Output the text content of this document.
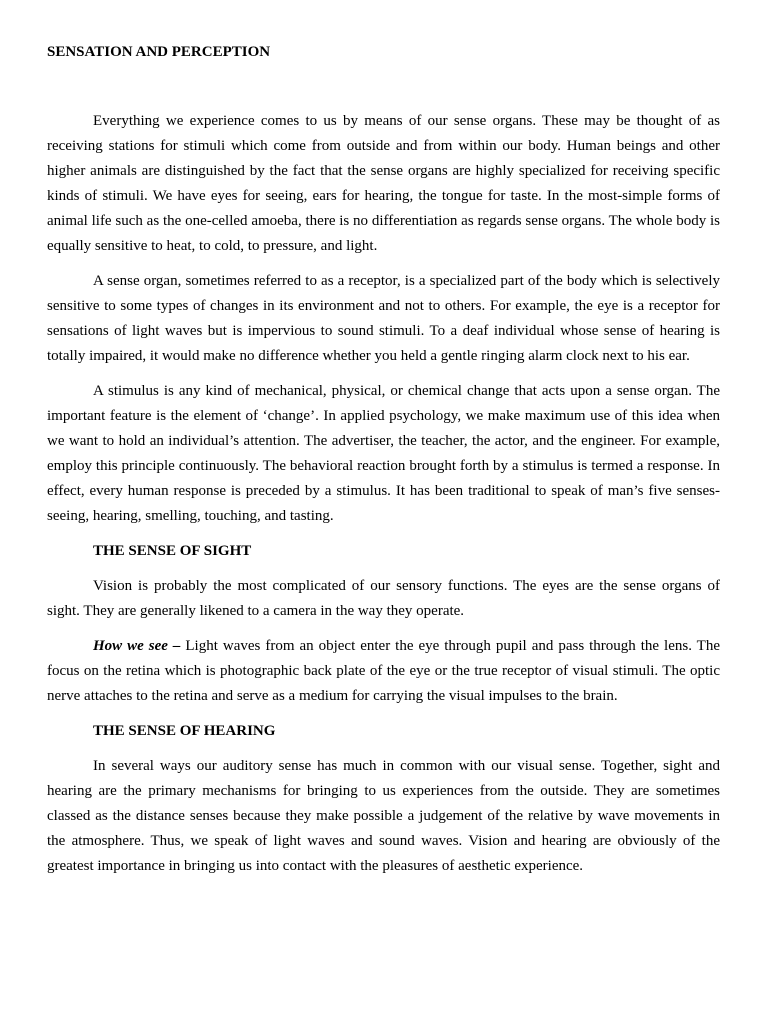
SENSATION AND PERCEPTION

Everything we experience comes to us by means of our sense organs. These may be thought of as receiving stations for stimuli which come from outside and from within our body. Human beings and other higher animals are distinguished by the fact that the sense organs are highly specialized for receiving specific kinds of stimuli. We have eyes for seeing, ears for hearing, the tongue for taste. In the most-simple forms of animal life such as the one-celled amoeba, there is no differentiation as regards sense organs. The whole body is equally sensitive to heat, to cold, to pressure, and light.

A sense organ, sometimes referred to as a receptor, is a specialized part of the body which is selectively sensitive to some types of changes in its environment and not to others. For example, the eye is a receptor for sensations of light waves but is impervious to sound stimuli. To a deaf individual whose sense of hearing is totally impaired, it would make no difference whether you held a gentle ringing alarm clock next to his ear.

A stimulus is any kind of mechanical, physical, or chemical change that acts upon a sense organ. The important feature is the element of ‘change’. In applied psychology, we make maximum use of this idea when we want to hold an individual’s attention. The advertiser, the teacher, the actor, and the engineer. For example, employ this principle continuously. The behavioral reaction brought forth by a stimulus is termed a response. In effect, every human response is preceded by a stimulus. It has been traditional to speak of man’s five senses- seeing, hearing, smelling, touching, and tasting.

THE SENSE OF SIGHT

Vision is probably the most complicated of our sensory functions. The eyes are the sense organs of sight. They are generally likened to a camera in the way they operate.

How we see – Light waves from an object enter the eye through pupil and pass through the lens. The focus on the retina which is photographic back plate of the eye or the true receptor of visual stimuli. The optic nerve attaches to the retina and serve as a medium for carrying the visual impulses to the brain.

THE SENSE OF HEARING

In several ways our auditory sense has much in common with our visual sense. Together, sight and hearing are the primary mechanisms for bringing to us experiences from the outside. They are sometimes classed as the distance senses because they make possible a judgement of the relative by wave movements in the atmosphere. Thus, we speak of light waves and sound waves. Vision and hearing are obviously of the greatest importance in bringing us into contact with the pleasures of aesthetic experience.
